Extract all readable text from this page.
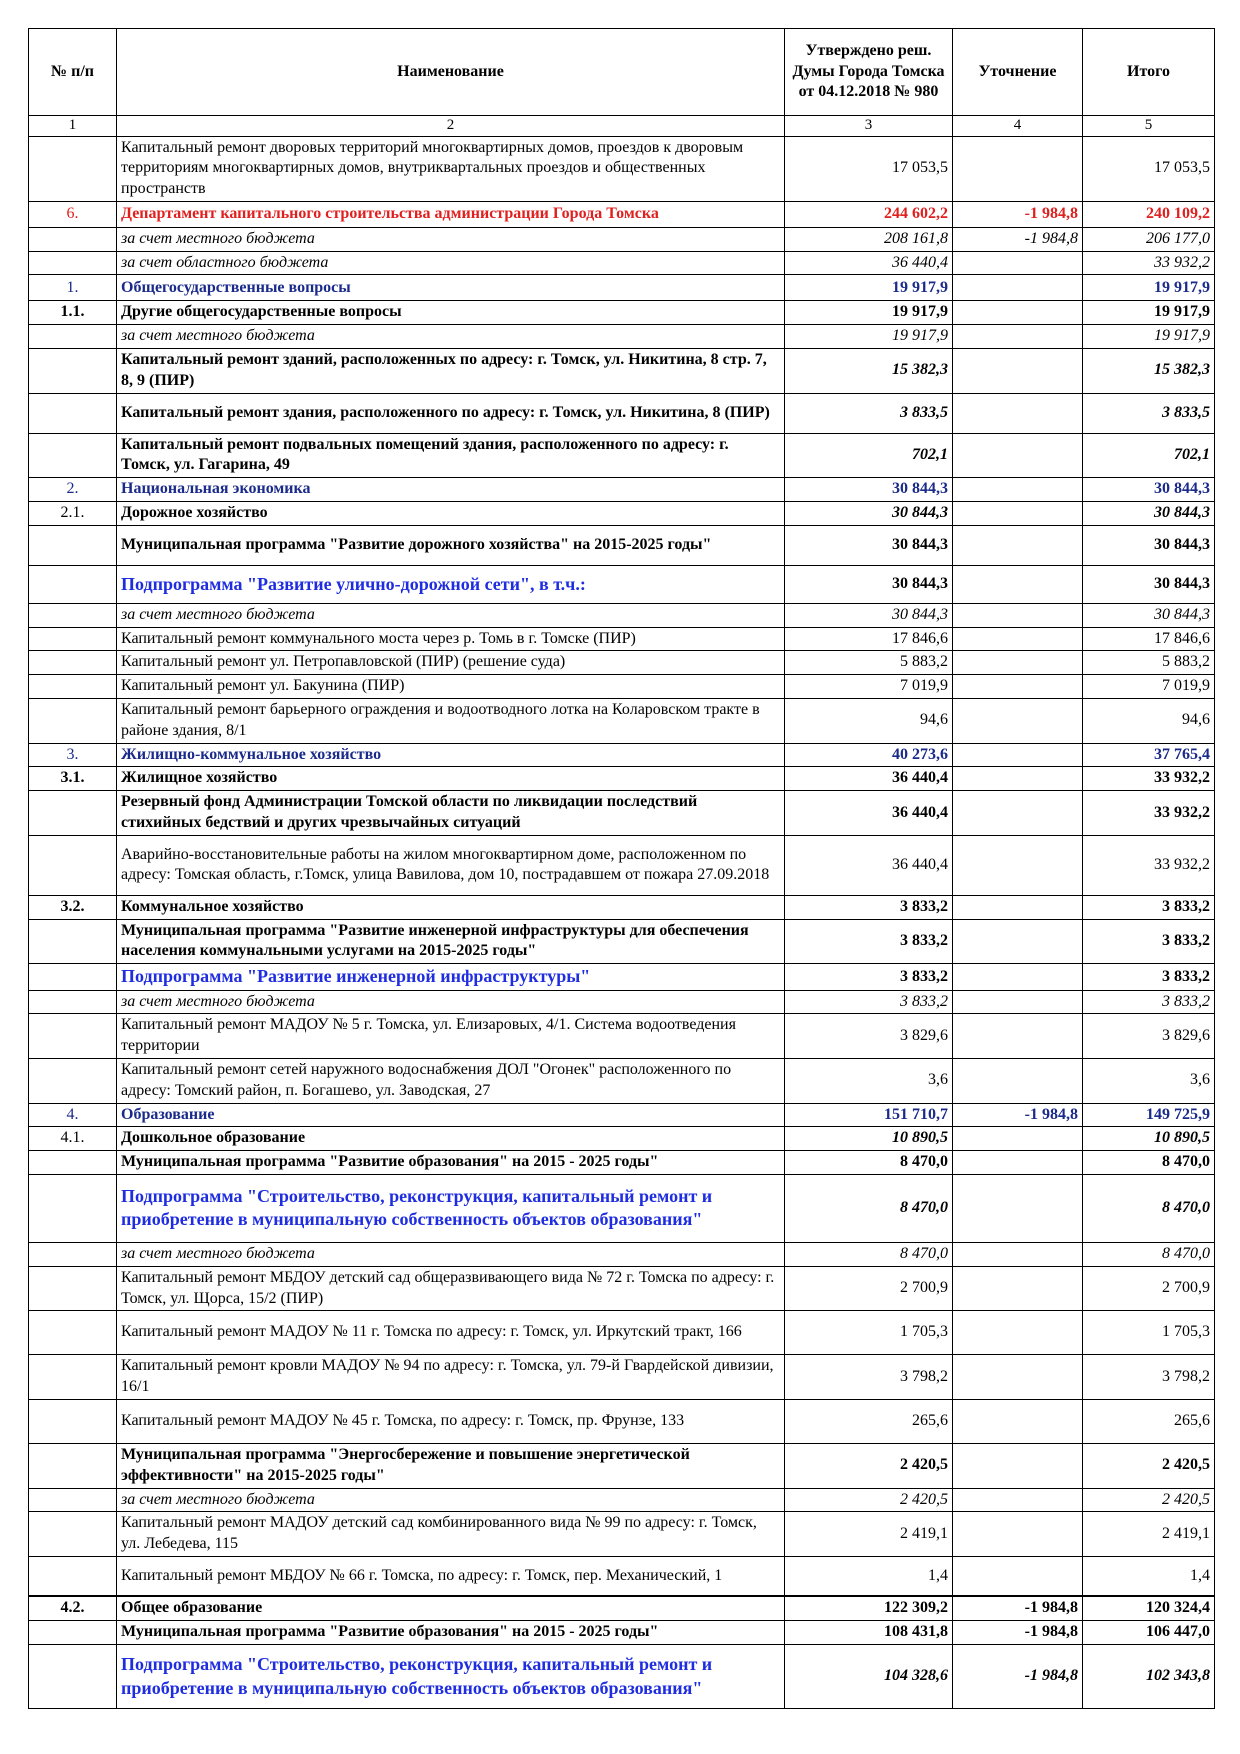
№ п/п	Наименование	Утверждено реш. Думы Города Томска от 04.12.2018 № 980	Уточнение	Итого
1	2	3	4	5
	Капитальный ремонт дворовых территорий многоквартирных домов, проездов к дворовым территориям многоквартирных домов, внутриквартальных проездов и общественных пространств	17 053,5		17 053,5
6.	Департамент капитального строительства администрации Города Томска	244 602,2	-1 984,8	240 109,2
	за счет местного бюджета	208 161,8	-1 984,8	206 177,0
	за счет областного бюджета	36 440,4		33 932,2
1.	Общегосударственные вопросы	19 917,9		19 917,9
1.1.	Другие общегосударственные вопросы	19 917,9		19 917,9
	за счет местного бюджета	19 917,9		19 917,9
	Капитальный ремонт зданий, расположенных по адресу: г. Томск, ул. Никитина, 8 стр. 7, 8, 9 (ПИР)	15 382,3		15 382,3
	Капитальный ремонт здания, расположенного по адресу: г. Томск, ул. Никитина, 8 (ПИР)	3 833,5		3 833,5
	Капитальный ремонт подвальных помещений здания, расположенного по адресу: г. Томск, ул. Гагарина, 49	702,1		702,1
2.	Национальная экономика	30 844,3		30 844,3
2.1.	Дорожное хозяйство	30 844,3		30 844,3
	Муниципальная программа "Развитие дорожного хозяйства" на 2015-2025 годы"	30 844,3		30 844,3
	Подпрограмма "Развитие улично-дорожной сети", в т.ч.:	30 844,3		30 844,3
	за счет местного бюджета	30 844,3		30 844,3
	Капитальный ремонт коммунального моста через р. Томь в г. Томске (ПИР)	17 846,6		17 846,6
	Капитальный ремонт ул. Петропавловской (ПИР) (решение суда)	5 883,2		5 883,2
	Капитальный ремонт ул. Бакунина (ПИР)	7 019,9		7 019,9
	Капитальный ремонт барьерного ограждения и водоотводного лотка на Коларовском тракте в районе здания, 8/1	94,6		94,6
3.	Жилищно-коммунальное хозяйство	40 273,6		37 765,4
3.1.	Жилищное хозяйство	36 440,4		33 932,2
	Резервный фонд Администрации Томской области по ликвидации последствий стихийных бедствий и других чрезвычайных ситуаций	36 440,4		33 932,2
	Аварийно-восстановительные работы на жилом многоквартирном доме, расположенном по адресу: Томская область, г.Томск, улица Вавилова, дом 10, пострадавшем от пожара 27.09.2018	36 440,4		33 932,2
3.2.	Коммунальное хозяйство	3 833,2		3 833,2
	Муниципальная программа "Развитие инженерной инфраструктуры для обеспечения населения коммунальными услугами на 2015-2025 годы"	3 833,2		3 833,2
	Подпрограмма "Развитие инженерной инфраструктуры"	3 833,2		3 833,2
	за счет местного бюджета	3 833,2		3 833,2
	Капитальный ремонт МАДОУ № 5 г. Томска, ул. Елизаровых, 4/1. Система водоотведения территории	3 829,6		3 829,6
	Капитальный ремонт сетей наружного водоснабжения ДОЛ "Огонек" расположенного по адресу: Томский район, п. Богашево, ул. Заводская, 27	3,6		3,6
4.	Образование	151 710,7	-1 984,8	149 725,9
4.1.	Дошкольное образование	10 890,5		10 890,5
	Муниципальная программа "Развитие образования" на 2015 - 2025 годы"	8 470,0		8 470,0
	Подпрограмма "Строительство, реконструкция, капитальный ремонт и приобретение в муниципальную собственность объектов образования"	8 470,0		8 470,0
	за счет местного бюджета	8 470,0		8 470,0
	Капитальный ремонт МБДОУ детский сад общеразвивающего вида № 72 г. Томска по адресу: г. Томск, ул. Щорса, 15/2 (ПИР)	2 700,9		2 700,9
	Капитальный ремонт МАДОУ № 11 г. Томска по адресу: г. Томск, ул. Иркутский тракт, 166	1 705,3		1 705,3
	Капитальный ремонт кровли МАДОУ № 94 по адресу: г. Томска, ул. 79-й Гвардейской дивизии, 16/1	3 798,2		3 798,2
	Капитальный ремонт МАДОУ № 45 г. Томска, по адресу: г. Томск, пр. Фрунзе, 133	265,6		265,6
	Муниципальная программа "Энергосбережение и повышение энергетической эффективности" на 2015-2025 годы"	2 420,5		2 420,5
	за счет местного бюджета	2 420,5		2 420,5
	Капитальный ремонт МАДОУ детский сад комбинированного вида № 99 по адресу: г. Томск, ул. Лебедева, 115	2 419,1		2 419,1
	Капитальный ремонт МБДОУ № 66 г. Томска, по адресу: г. Томск, пер. Механический, 1	1,4		1,4
4.2.	Общее образование	122 309,2	-1 984,8	120 324,4
	Муниципальная программа "Развитие образования" на 2015 - 2025 годы"	108 431,8	-1 984,8	106 447,0
	Подпрограмма "Строительство, реконструкция, капитальный ремонт и приобретение в муниципальную собственность объектов образования"	104 328,6	-1 984,8	102 343,8
